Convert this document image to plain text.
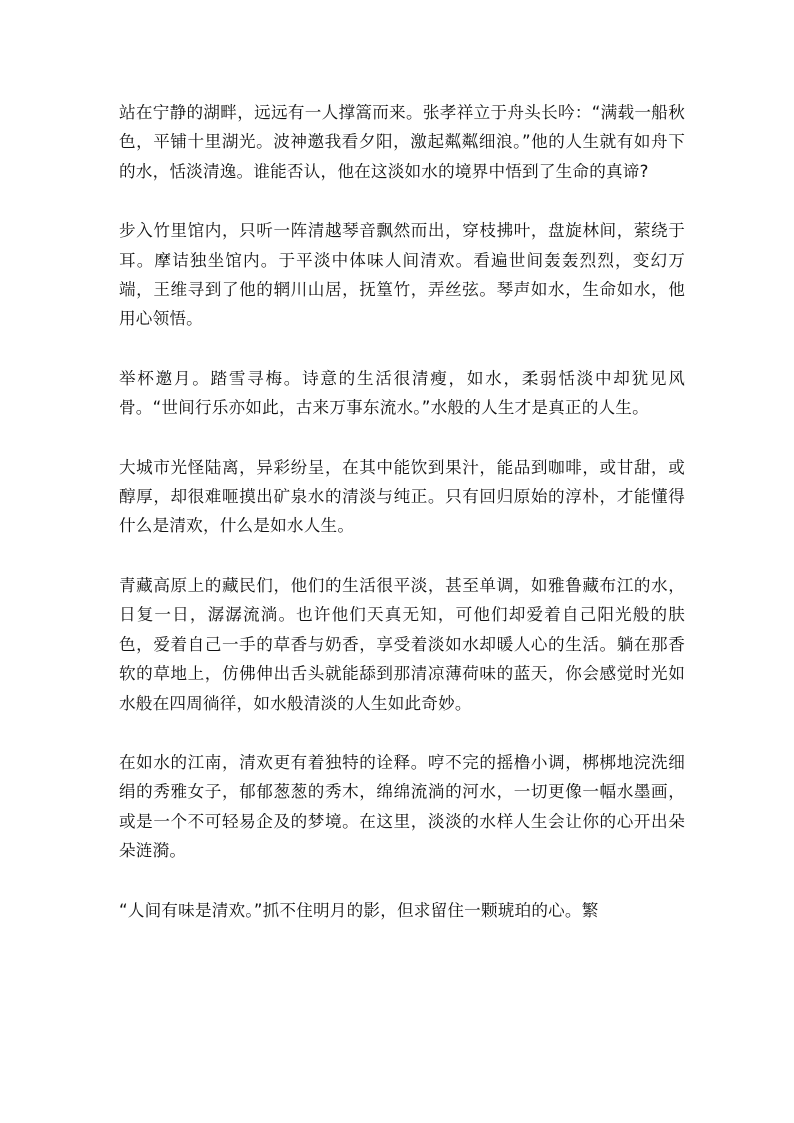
站在宁静的湖畔，远远有一人撑篙而来。张孝祥立于舟头长吟：“满载一船秋色，平铺十里湖光。波神邀我看夕阳，激起粼粼细浪。”他的人生就有如舟下的水，恬淡清逸。谁能否认，他在这淡如水的境界中悟到了生命的真谛?

步入竹里馆内，只听一阵清越琴音飘然而出，穿枝拂叶，盘旋林间，萦绕于耳。摩诘独坐馆内。于平淡中体味人间清欢。看遍世间轰轰烈烈，变幻万端，王维寻到了他的辋川山居，抚篁竹，弄丝弦。琴声如水，生命如水，他用心领悟。

举杯邀月。踏雪寻梅。诗意的生活很清瘦，如水，柔弱恬淡中却犹见风骨。“世间行乐亦如此，古来万事东流水。”水般的人生才是真正的人生。

大城市光怪陆离，异彩纷呈，在其中能饮到果汁，能品到咖啡，或甘甜，或醇厚，却很难咂摸出矿泉水的清淡与纯正。只有回归原始的淳朴，才能懂得什么是清欢，什么是如水人生。

青藏高原上的藏民们，他们的生活很平淡，甚至单调，如雅鲁藏布江的水，日复一日，潺潺流淌。也许他们天真无知，可他们却爱着自己阳光般的肤色，爱着自己一手的草香与奶香，享受着淡如水却暖人心的生活。躺在那香软的草地上，仿佛伸出舌头就能舔到那清凉薄荷味的蓝天，你会感觉时光如水般在四周徜徉，如水般清淡的人生如此奇妙。

在如水的江南，清欢更有着独特的诠释。哼不完的摇橹小调，梆梆地浣洗细绢的秀雅女子，郁郁葱葱的秀木，绵绵流淌的河水，一切更像一幅水墨画，或是一个不可轻易企及的梦境。在这里，淡淡的水样人生会让你的心开出朵朵涟漪。

“人间有味是清欢。”抓不住明月的影，但求留住一颗琥珀的心。繁
